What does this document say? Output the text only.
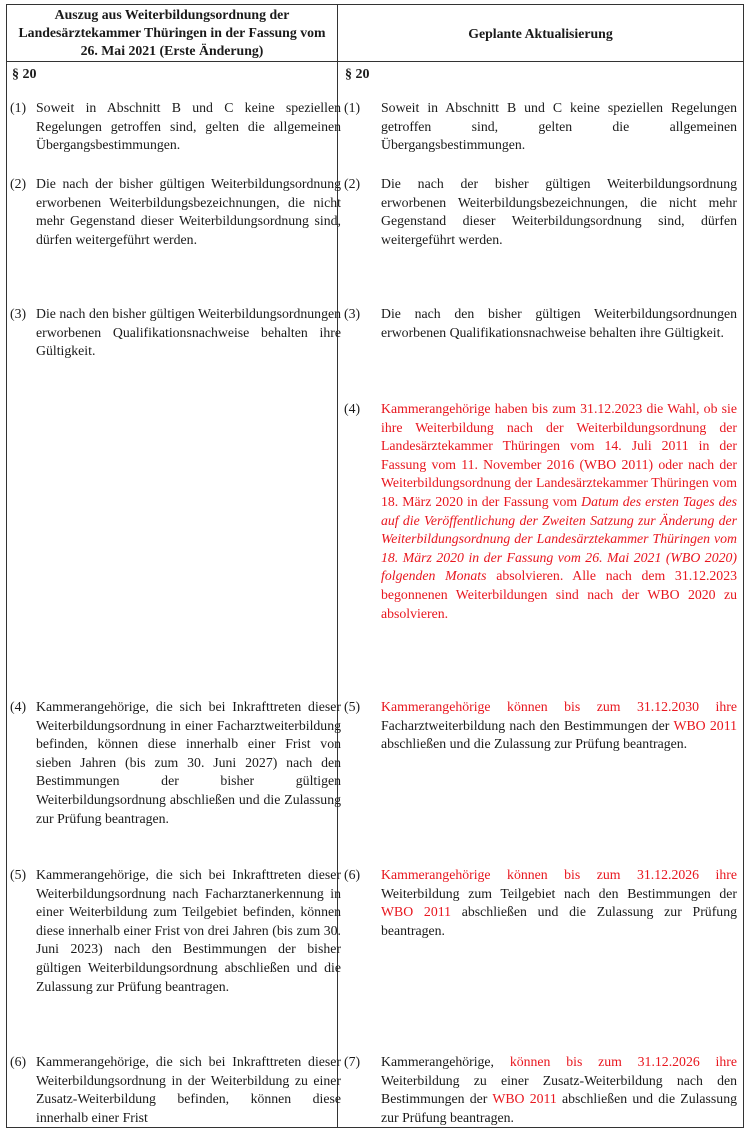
Auszug aus Weiterbildungsordnung der Landesärztekammer Thüringen in der Fassung vom 26. Mai 2021 (Erste Änderung)
Geplante Aktualisierung
§ 20	§ 20
(1) Soweit in Abschnitt B und C keine speziellen Regelungen getroffen sind, gelten die allgemeinen Übergangsbestimmungen.
(2) Die nach der bisher gültigen Weiterbildungsordnung erworbenen Weiterbildungsbezeichnungen, die nicht mehr Gegenstand dieser Weiterbildungsordnung sind, dürfen weitergeführt werden.
(3) Die nach den bisher gültigen Weiterbildungsordnungen erworbenen Qualifikationsnachweise behalten ihre Gültigkeit.
(4) Kammerangehörige, die sich bei Inkrafttreten dieser Weiterbildungsordnung in einer Facharztweiterbildung befinden, können diese innerhalb einer Frist von sieben Jahren (bis zum 30. Juni 2027) nach den Bestimmungen der bisher gültigen Weiterbildungsordnung abschließen und die Zulassung zur Prüfung beantragen.
(5) Kammerangehörige, die sich bei Inkrafttreten dieser Weiterbildungsordnung nach Facharztanerkennung in einer Weiterbildung zum Teilgebiet befinden, können diese innerhalb einer Frist von drei Jahren (bis zum 30. Juni 2023) nach den Bestimmungen der bisher gültigen Weiterbildungsordnung abschließen und die Zulassung zur Prüfung beantragen.
(6) Kammerangehörige, die sich bei Inkrafttreten dieser Weiterbildungsordnung in der Weiterbildung zu einer Zusatz-Weiterbildung befinden, können diese innerhalb einer Frist
(1) Soweit in Abschnitt B und C keine speziellen Regelungen getroffen sind, gelten die allgemeinen Übergangsbestimmungen.
(2) Die nach der bisher gültigen Weiterbildungsordnung erworbenen Weiterbildungsbezeichnungen, die nicht mehr Gegenstand dieser Weiterbildungsordnung sind, dürfen weitergeführt werden.
(3) Die nach den bisher gültigen Weiterbildungsordnungen erworbenen Qualifikationsnachweise behalten ihre Gültigkeit.
(4) Kammerangehörige haben bis zum 31.12.2023 die Wahl, ob sie ihre Weiterbildung nach der Weiterbildungsordnung der Landesärztekammer Thüringen vom 14. Juli 2011 in der Fassung vom 11. November 2016 (WBO 2011) oder nach der Weiterbildungsordnung der Landesärztekammer Thüringen vom 18. März 2020 in der Fassung vom Datum des ersten Tages des auf die Veröffentlichung der Zweiten Satzung zur Änderung der Weiterbildungsordnung der Landesärztekammer Thüringen vom 18. März 2020 in der Fassung vom 26. Mai 2021 (WBO 2020) folgenden Monats absolvieren. Alle nach dem 31.12.2023 begonnenen Weiterbildungen sind nach der WBO 2020 zu absolvieren.
(5) Kammerangehörige können bis zum 31.12.2030 ihre Facharztweiterbildung nach den Bestimmungen der WBO 2011 abschließen und die Zulassung zur Prüfung beantragen.
(6) Kammerangehörige können bis zum 31.12.2026 ihre Weiterbildung zum Teilgebiet nach den Bestimmungen der WBO 2011 abschließen und die Zulassung zur Prüfung beantragen.
(7) Kammerangehörige, können bis zum 31.12.2026 ihre Weiterbildung zu einer Zusatz-Weiterbildung nach den Bestimmungen der WBO 2011 abschließen und die Zulassung zur Prüfung beantragen.
